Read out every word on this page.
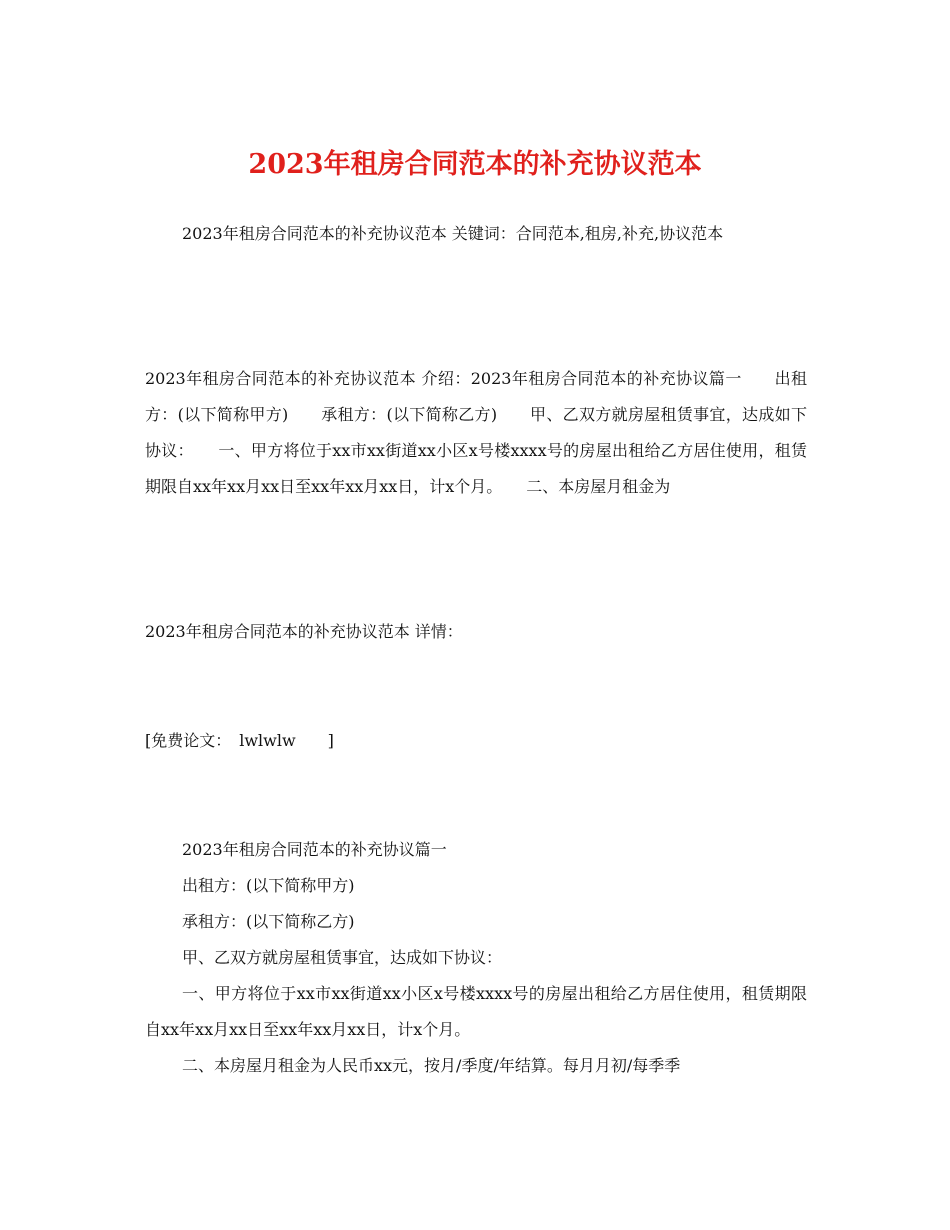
2023年租房合同范本的补充协议范本
2023年租房合同范本的补充协议范本 关键词：合同范本,租房,补充,协议范本
2023年租房合同范本的补充协议范本 介绍：2023年租房合同范本的补充协议篇一　　出租方：(以下简称甲方)　　承租方：(以下简称乙方)　　甲、乙双方就房屋租赁事宜，达成如下协议：　　一、甲方将位于xx市xx街道xx小区x号楼xxxx号的房屋出租给乙方居住使用，租赁期限自xx年xx月xx日至xx年xx月xx日，计x个月。　　二、本房屋月租金为
2023年租房合同范本的补充协议范本 详情：
[免费论文：　lwlwlw　　]
2023年租房合同范本的补充协议篇一
出租方：(以下简称甲方)
承租方：(以下简称乙方)
甲、乙双方就房屋租赁事宜，达成如下协议：
一、甲方将位于xx市xx街道xx小区x号楼xxxx号的房屋出租给乙方居住使用，租赁期限自xx年xx月xx日至xx年xx月xx日，计x个月。
二、本房屋月租金为人民币xx元，按月/季度/年结算。每月月初/每季季
